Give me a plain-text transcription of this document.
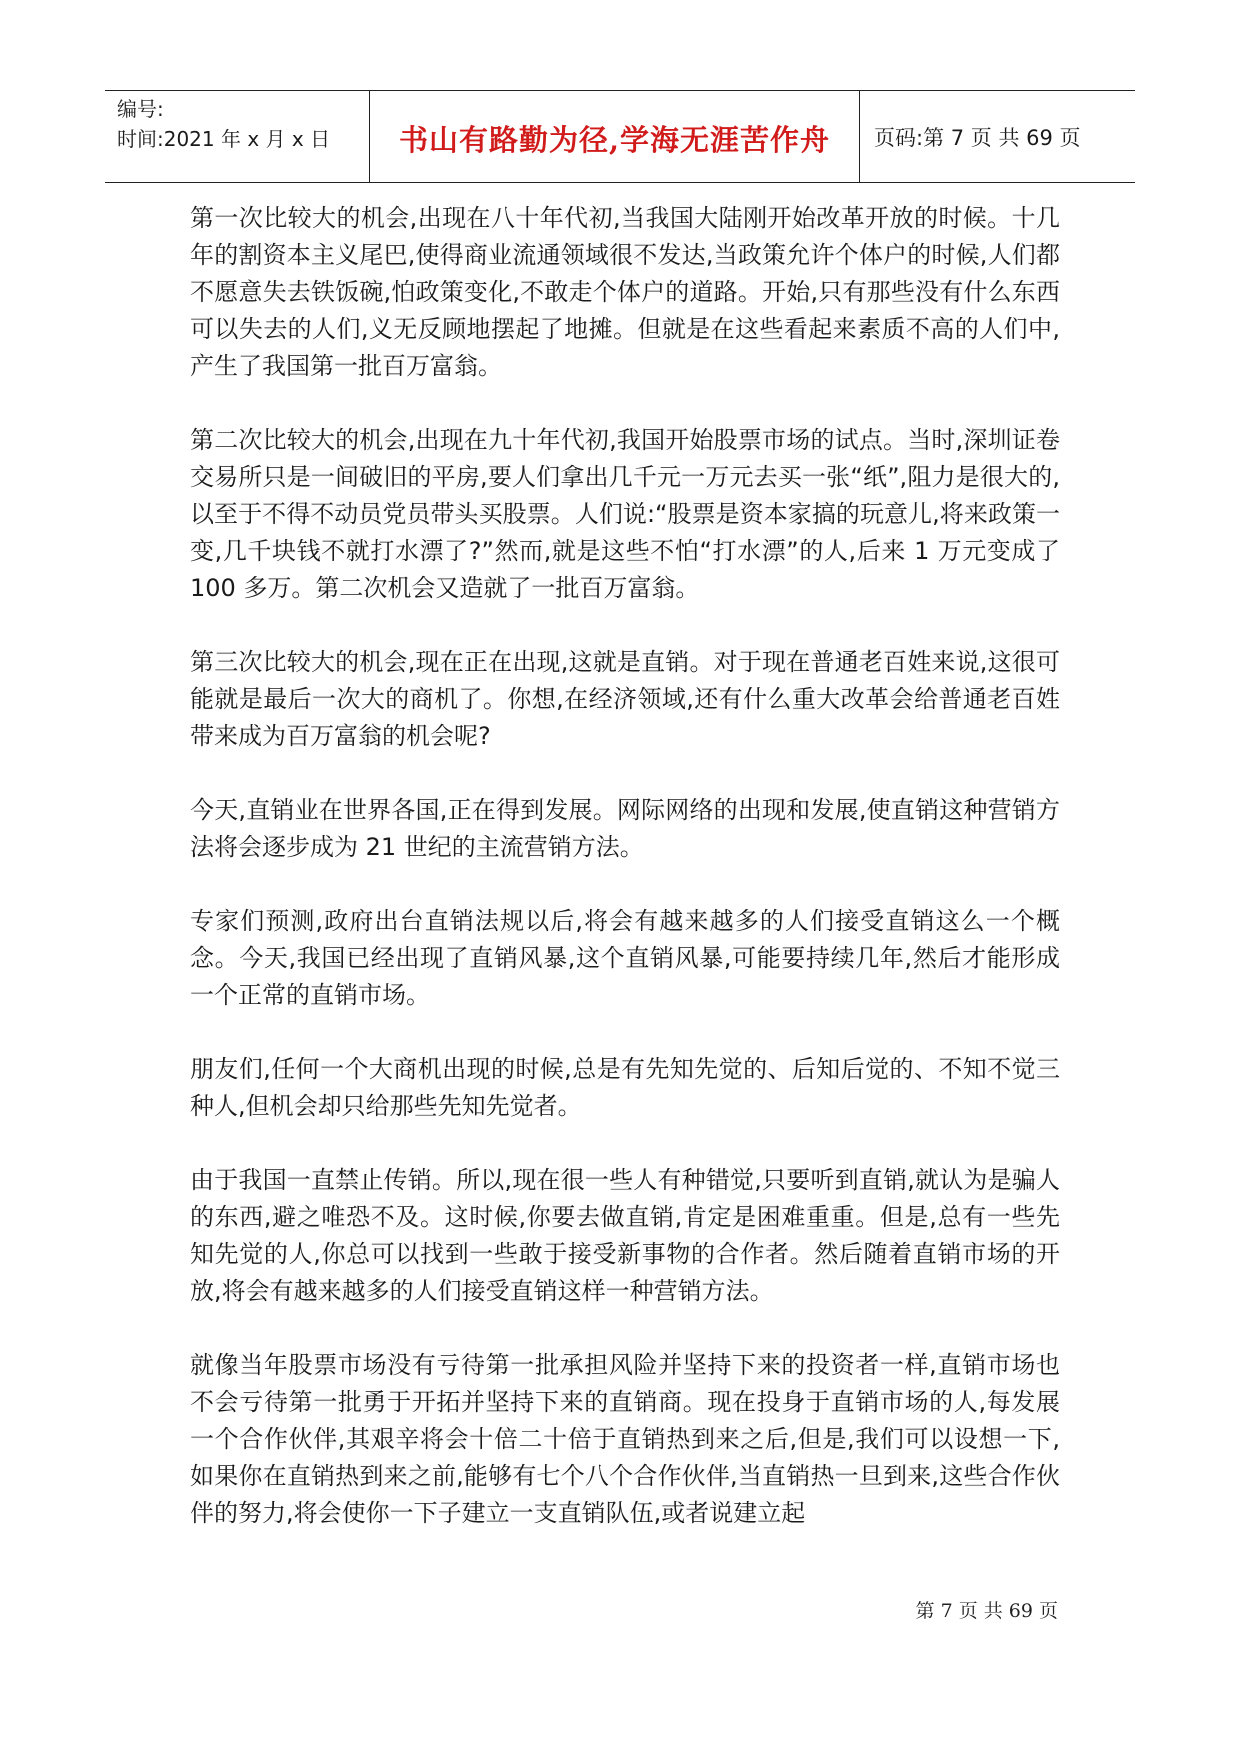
编号:
时间:2021 年 x 月 x 日	书山有路勤为径,学海无涯苦作舟 页码:第 7 页 共 69 页

第一次比较大的机会,出现在八十年代初,当我国大陆刚开始改革开放的时候。十几年的割资本主义尾巴,使得商业流通领域很不发达,当政策允许个体户的时候,人们都不愿意失去铁饭碗,怕政策变化,不敢走个体户的道路。开始,只有那些没有什么东西可以失去的人们,义无反顾地摆起了地摊。但就是在这些看起来素质不高的人们中,产生了我国第一批百万富翁。

第二次比较大的机会,出现在九十年代初,我国开始股票市场的试点。当时,深圳证卷交易所只是一间破旧的平房,要人们拿出几千元一万元去买一张“纸”,阻力是很大的,以至于不得不动员党员带头买股票。人们说:“股票是资本家搞的玩意儿,将来政策一变,几千块钱不就打水漂了?”然而,就是这些不怕“打水漂”的人,后来 1 万元变成了 100 多万。第二次机会又造就了一批百万富翁。

第三次比较大的机会,现在正在出现,这就是直销。对于现在普通老百姓来说,这很可能就是最后一次大的商机了。你想,在经济领域,还有什么重大改革会给普通老百姓带来成为百万富翁的机会呢?

今天,直销业在世界各国,正在得到发展。网际网络的出现和发展,使直销这种营销方法将会逐步成为 21 世纪的主流营销方法。

专家们预测,政府出台直销法规以后,将会有越来越多的人们接受直销这么一个概念。今天,我国已经出现了直销风暴,这个直销风暴,可能要持续几年,然后才能形成一个正常的直销市场。

朋友们,任何一个大商机出现的时候,总是有先知先觉的、后知后觉的、不知不觉三种人,但机会却只给那些先知先觉者。

由于我国一直禁止传销。所以,现在很一些人有种错觉,只要听到直销,就认为是骗人的东西,避之唯恐不及。这时候,你要去做直销,肯定是困难重重。但是,总有一些先知先觉的人,你总可以找到一些敢于接受新事物的合作者。然后随着直销市场的开放,将会有越来越多的人们接受直销这样一种营销方法。

就像当年股票市场没有亏待第一批承担风险并坚持下来的投资者一样,直销市场也不会亏待第一批勇于开拓并坚持下来的直销商。现在投身于直销市场的人,每发展一个合作伙伴,其艰辛将会十倍二十倍于直销热到来之后,但是,我们可以设想一下,如果你在直销热到来之前,能够有七个八个合作伙伴,当直销热一旦到来,这些合作伙伴的努力,将会使你一下子建立一支直销队伍,或者说建立起

第 7 页 共 69 页
